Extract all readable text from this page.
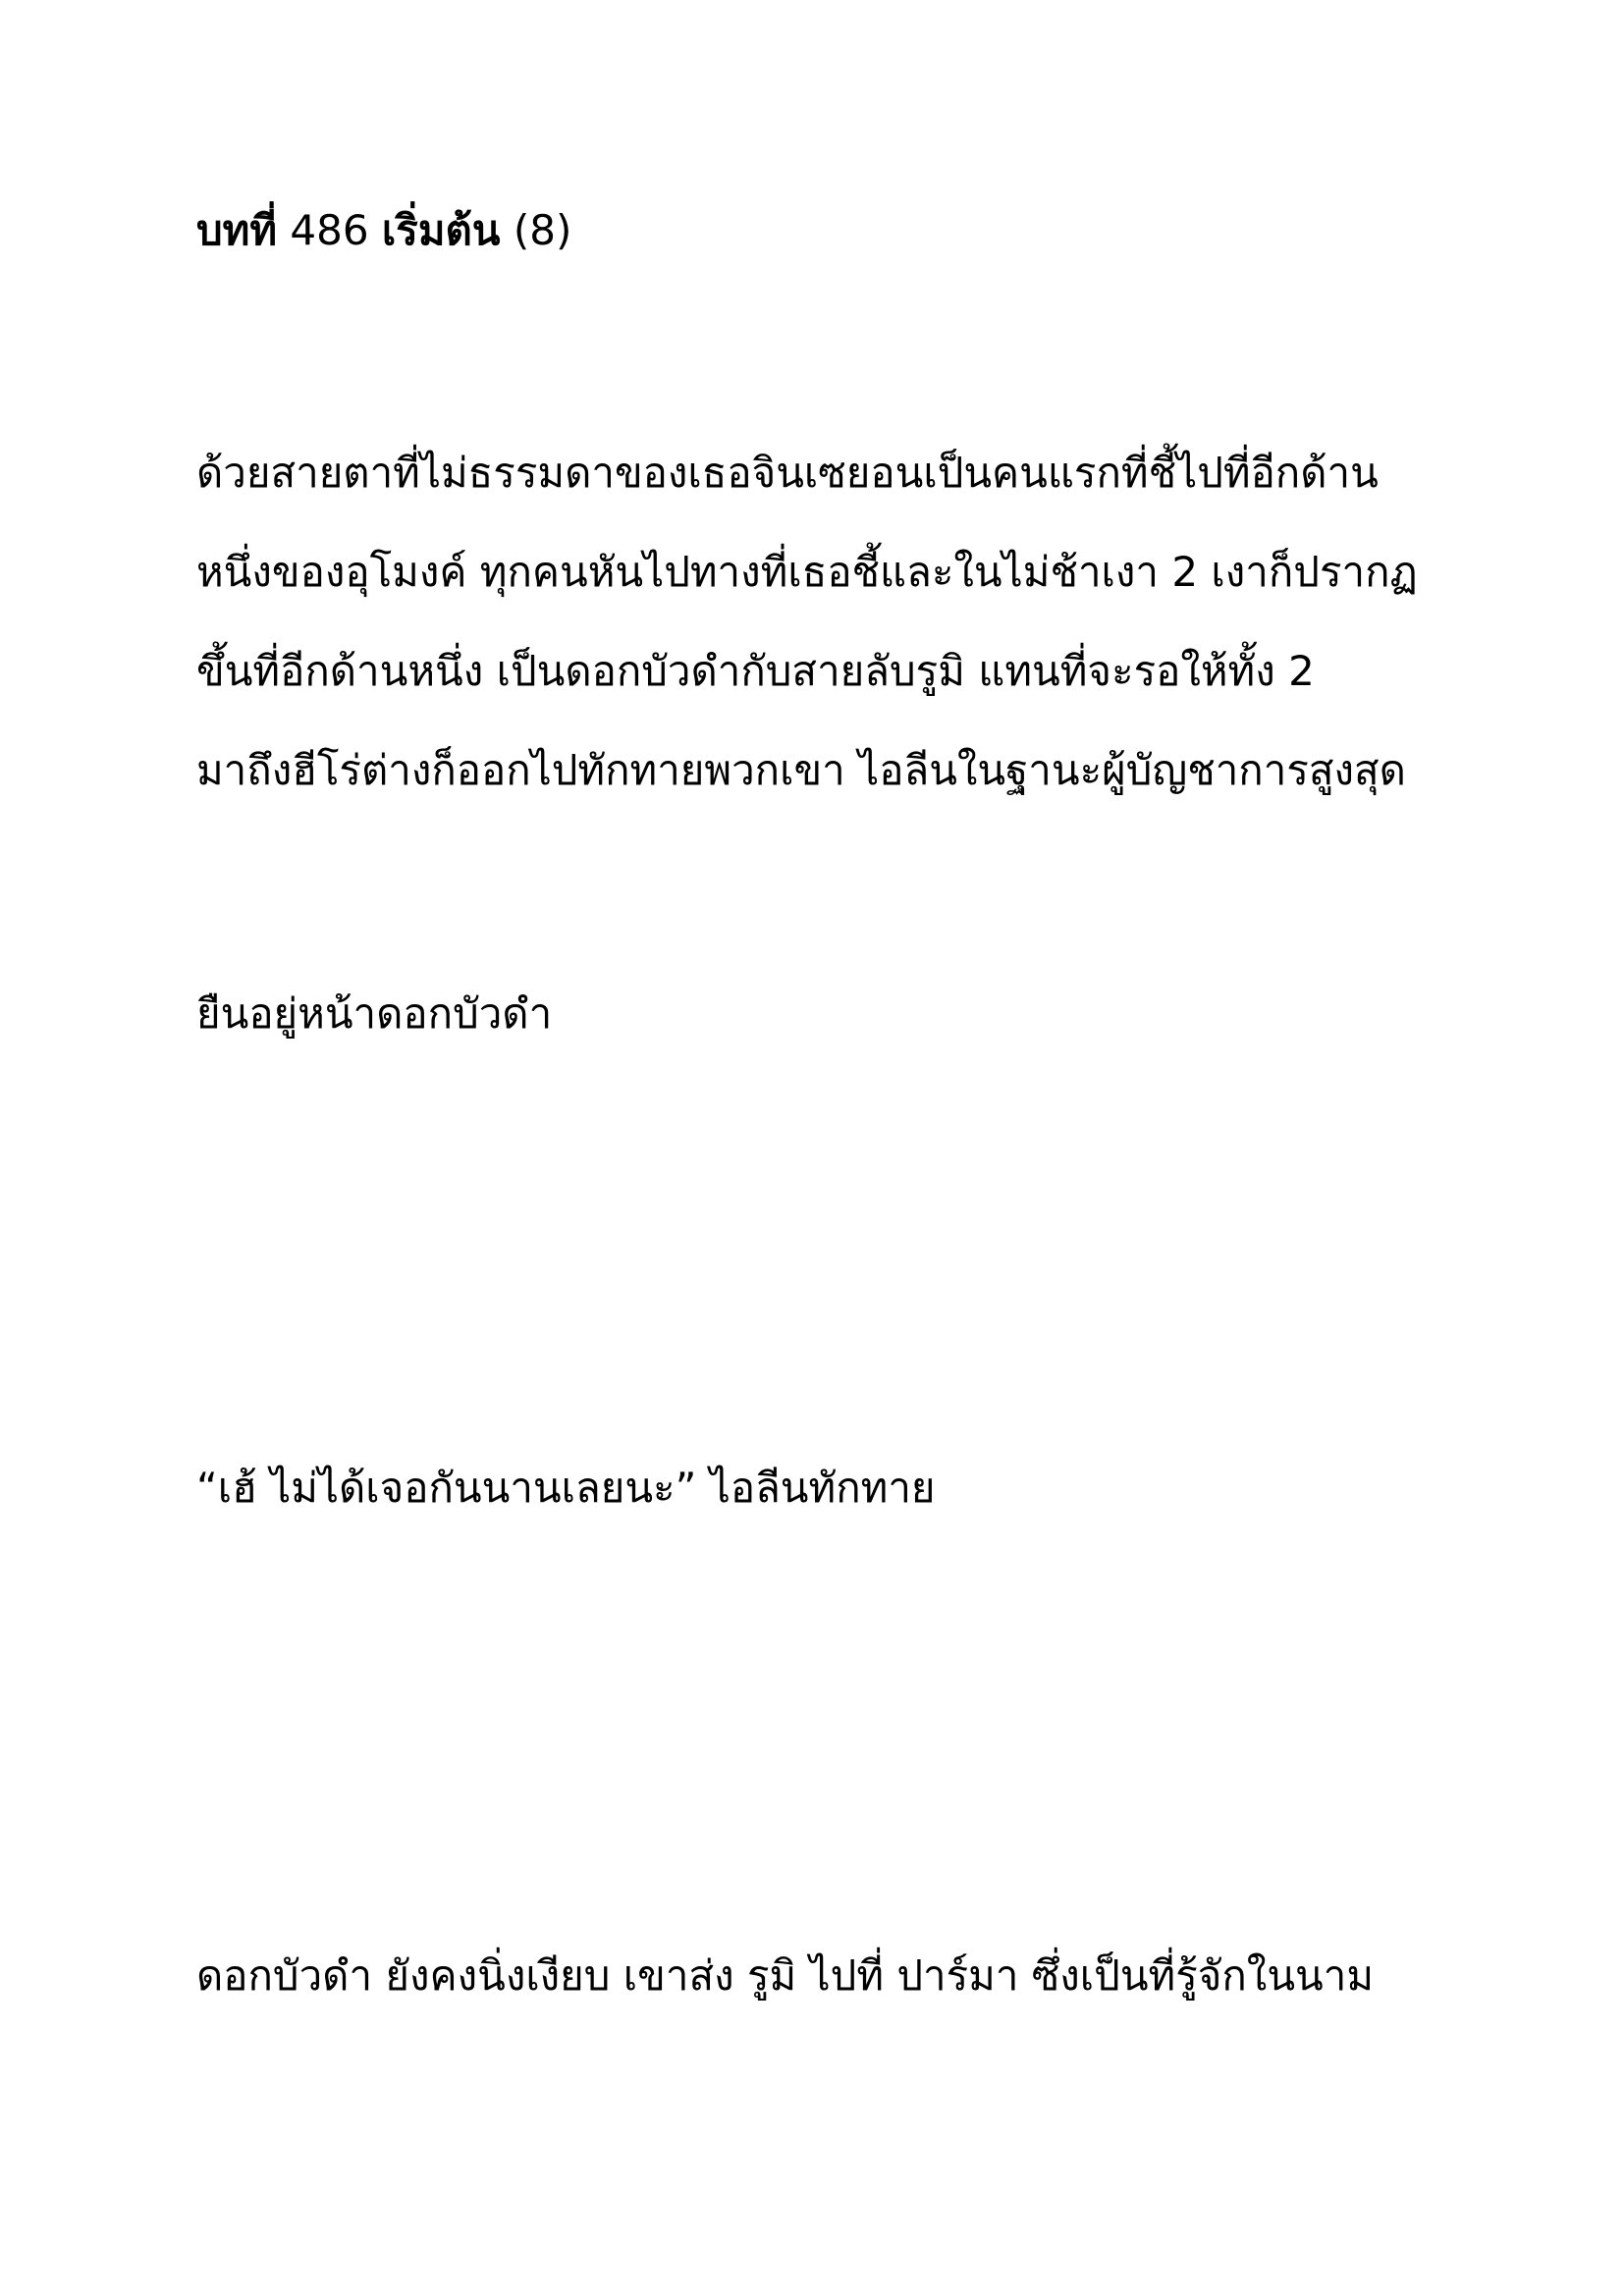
บทที่ 486 เริ่มต้น (8)
ด้วยสายตาที่ไม่ธรรมดาของเธอจินเซยอนเป็นคนแรกที่ชี้ไปที่อีกด้าน
หนึ่งของอุโมงค์ ทุกคนหันไปทางที่เธอชี้และในไม่ช้าเงา 2 เงาก็ปรากฏ
ขึ้นที่อีกด้านหนึ่ง เป็นดอกบัวดำกับสายลับรูมิ แทนที่จะรอให้ทั้ง 2
มาถึงฮีโร่ต่างก็ออกไปทักทายพวกเขา ไอลีนในฐานะผู้บัญชาการสูงสุด
ยืนอยู่หน้าดอกบัวดำ
“เฮ้ ไม่ได้เจอกันนานเลยนะ” ไอลีนทักทาย
ดอกบัวดำ ยังคงนิ่งเงียบ เขาส่ง รูมิ ไปที่ ปาร์มา ซึ่งเป็นที่รู้จักในนาม
